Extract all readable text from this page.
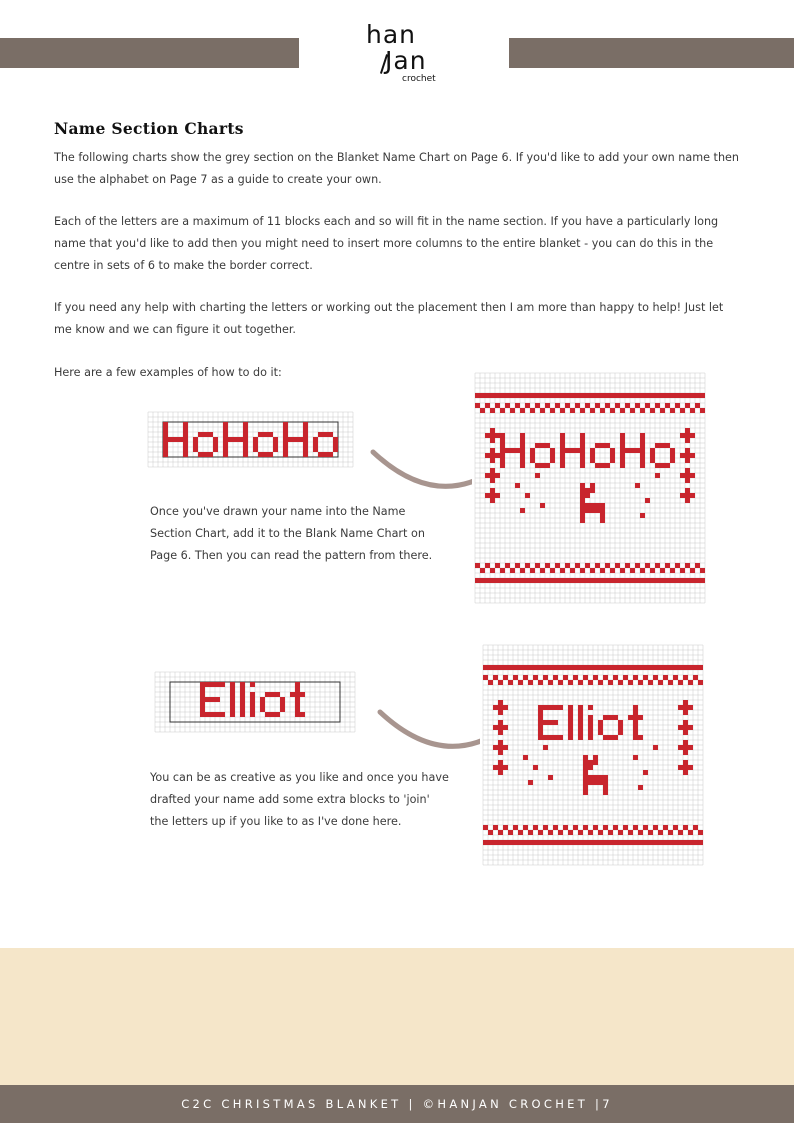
han
Jan
crochet
Name Section Charts

The following charts show the grey section on the Blanket Name Chart on Page 6. If you'd like to add your own name then use the alphabet on Page 7 as a guide to create your own.

Each of the letters are a maximum of 11 blocks each and so will fit in the name section. If you have a particularly long name that you'd like to add then you might need to insert more columns to the entire blanket - you can do this in the centre in sets of 6 to make the border correct.

If you need any help with charting the letters or working out the placement then I am more than happy to help! Just let me know and we can figure it out together.

Here are a few examples of how to do it:

Once you've drawn your name into the Name Section Chart, add it to the Blank Name Chart on Page 6. Then you can read the pattern from there.

You can be as creative as you like and once you have drafted your name add some extra blocks to 'join' the letters up if you like to as I've done here.

C2C CHRISTMAS BLANKET | ©HANJAN CROCHET |7
